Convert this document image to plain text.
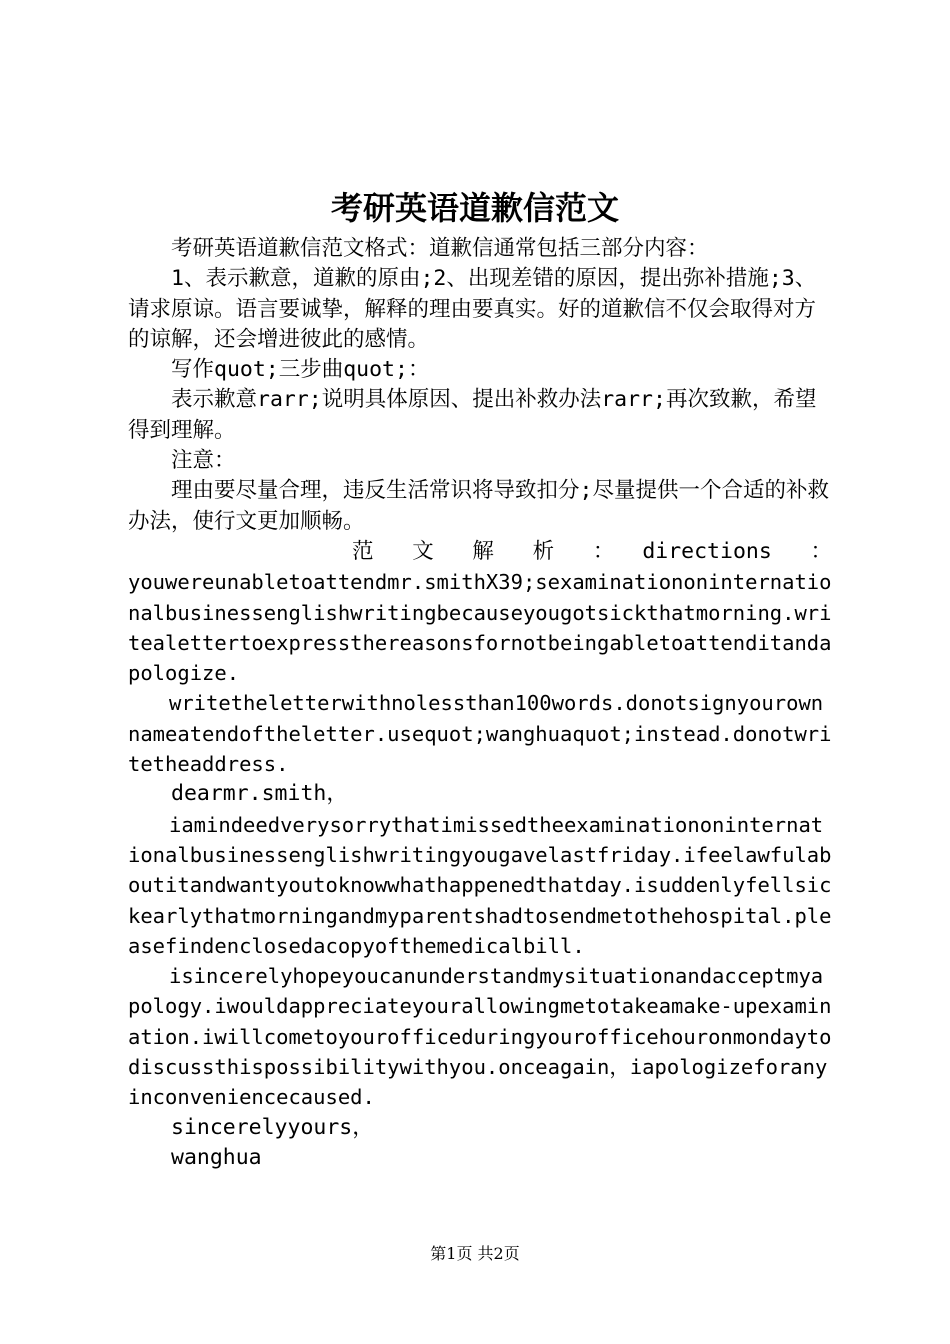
考研英语道歉信范文

考研英语道歉信范文格式：道歉信通常包括三部分内容：

1、表示歉意，道歉的原由;2、出现差错的原因，提出弥补措施;3、请求原谅。语言要诚挚，解释的理由要真实。好的道歉信不仅会取得对方的谅解，还会增进彼此的感情。

写作quot;三步曲quot;：

表示歉意rarr;说明具体原因、提出补救办法rarr;再次致歉，希望得到理解。

注意：

理由要尽量合理，违反生活常识将导致扣分;尽量提供一个合适的补救办法，使行文更加顺畅。

范　文　解　析　：　directions　：

youwereunabletoattendmr.smithX39;sexaminationoninternationalbusinessenglishwritingbecauseyougotsickthatmorning.writealettertoexpressthereasonsfornotbeingabletoattenditandapologize.

writetheletterwithnolessthan100words.donotsignyourownnameatendoftheletter.usequot;wanghuaquot;instead.donotwritetheaddress.

dearmr.smith，

iamindeedverysorrythatimissedtheexaminationoninternationalbusinessenglishwritingyougavelastfriday.ifeelawfulaboutitandwantyoutoknowwhathappenedthatday.isuddenlyfellsickearlythatmorningandmyparentshadtosendmetothehospital.pleasefindenclosedacopyofthemedicalbill.

isincerelyhopeyoucanunderstandmysituationandacceptmyapology.iwouldappreciateyourallowingmetotakeamake-upexamination.iwillcometoyourofficeduringyourofficehouronmondaytodiscussthispossibilitywithyou.onceagain，iapologizeforanyinconveniencecaused.

sincerelyyours，

wanghua

第1页 共2页
